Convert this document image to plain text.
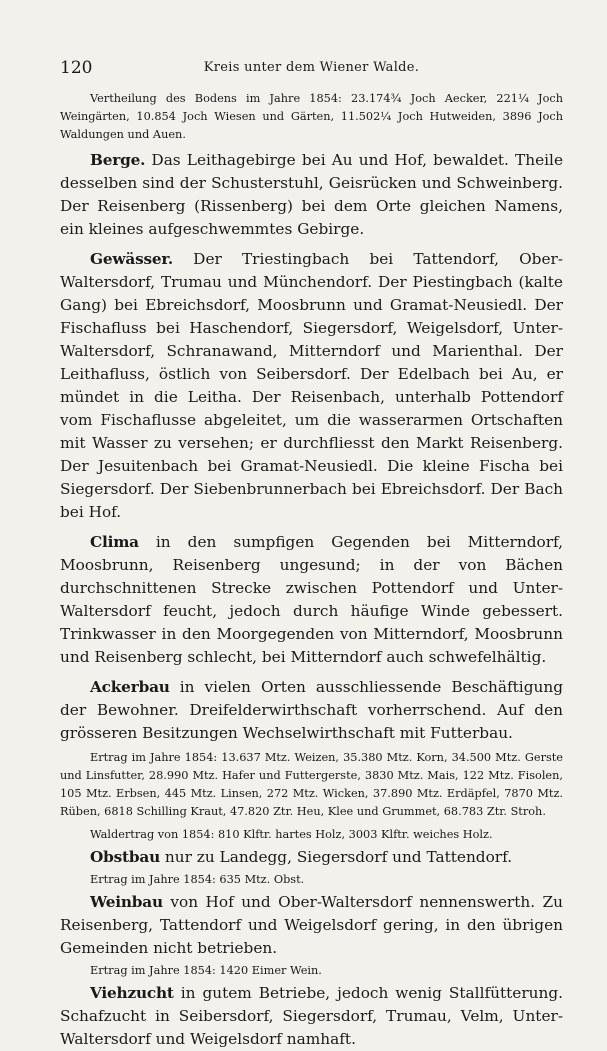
120	Kreis unter dem Wiener Walde.

Vertheilung des Bodens im Jahre 1854: 23.174¾ Joch Aecker, 221¼ Joch Weingärten, 10.854 Joch Wiesen und Gärten, 11.502¼ Joch Hutweiden, 3896 Joch Waldungen und Auen.

Berge. Das Leithagebirge bei Au und Hof, bewaldet. Theile desselben sind der Schusterstuhl, Geisrücken und Schweinberg. Der Reisenberg (Rissenberg) bei dem Orte gleichen Namens, ein kleines aufgeschwemmtes Gebirge.

Gewässer. Der Triestingbach bei Tattendorf, Ober-Waltersdorf, Trumau und Münchendorf. Der Piestingbach (kalte Gang) bei Ebreichsdorf, Moosbrunn und Gramat-Neusiedl. Der Fischafluss bei Haschendorf, Siegersdorf, Weigelsdorf, Unter-Waltersdorf, Schranawand, Mitterndorf und Marienthal. Der Leithafluss, östlich von Seibersdorf. Der Edelbach bei Au, er mündet in die Leitha. Der Reisenbach, unterhalb Pottendorf vom Fischaflusse abgeleitet, um die wasserarmen Ortschaften mit Wasser zu versehen; er durchfliesst den Markt Reisenberg. Der Jesuitenbach bei Gramat-Neusiedl. Die kleine Fischa bei Siegersdorf. Der Siebenbrunnerbach bei Ebreichsdorf. Der Bach bei Hof.

Clima in den sumpfigen Gegenden bei Mitterndorf, Moosbrunn, Reisenberg ungesund; in der von Bächen durchschnittenen Strecke zwischen Pottendorf und Unter-Waltersdorf feucht, jedoch durch häufige Winde gebessert. Trinkwasser in den Moorgegenden von Mitterndorf, Moosbrunn und Reisenberg schlecht, bei Mitterndorf auch schwefelhältig.

Ackerbau in vielen Orten ausschliessende Beschäftigung der Bewohner. Dreifelderwirthschaft vorherrschend. Auf den grösseren Besitzungen Wechselwirthschaft mit Futterbau.

Ertrag im Jahre 1854: 13.637 Mtz. Weizen, 35.380 Mtz. Korn, 34.500 Mtz. Gerste und Linsfutter, 28.990 Mtz. Hafer und Futtergerste, 3830 Mtz. Mais, 122 Mtz. Fisolen, 105 Mtz. Erbsen, 445 Mtz. Linsen, 272 Mtz. Wicken, 37.890 Mtz. Erdäpfel, 7870 Mtz. Rüben, 6818 Schilling Kraut, 47.820 Ztr. Heu, Klee und Grummet, 68.783 Ztr. Stroh.

Waldertrag von 1854: 810 Klftr. hartes Holz, 3003 Klftr. weiches Holz.

Obstbau nur zu Landegg, Siegersdorf und Tattendorf.

Ertrag im Jahre 1854: 635 Mtz. Obst.

Weinbau von Hof und Ober-Waltersdorf nennenswerth. Zu Reisenberg, Tattendorf und Weigelsdorf gering, in den übrigen Gemeinden nicht betrieben.

Ertrag im Jahre 1854: 1420 Eimer Wein.

Viehzucht in gutem Betriebe, jedoch wenig Stallfütterung. Schafzucht in Seibersdorf, Siegersdorf, Trumau, Velm, Unter-Waltersdorf und Weigelsdorf namhaft.
